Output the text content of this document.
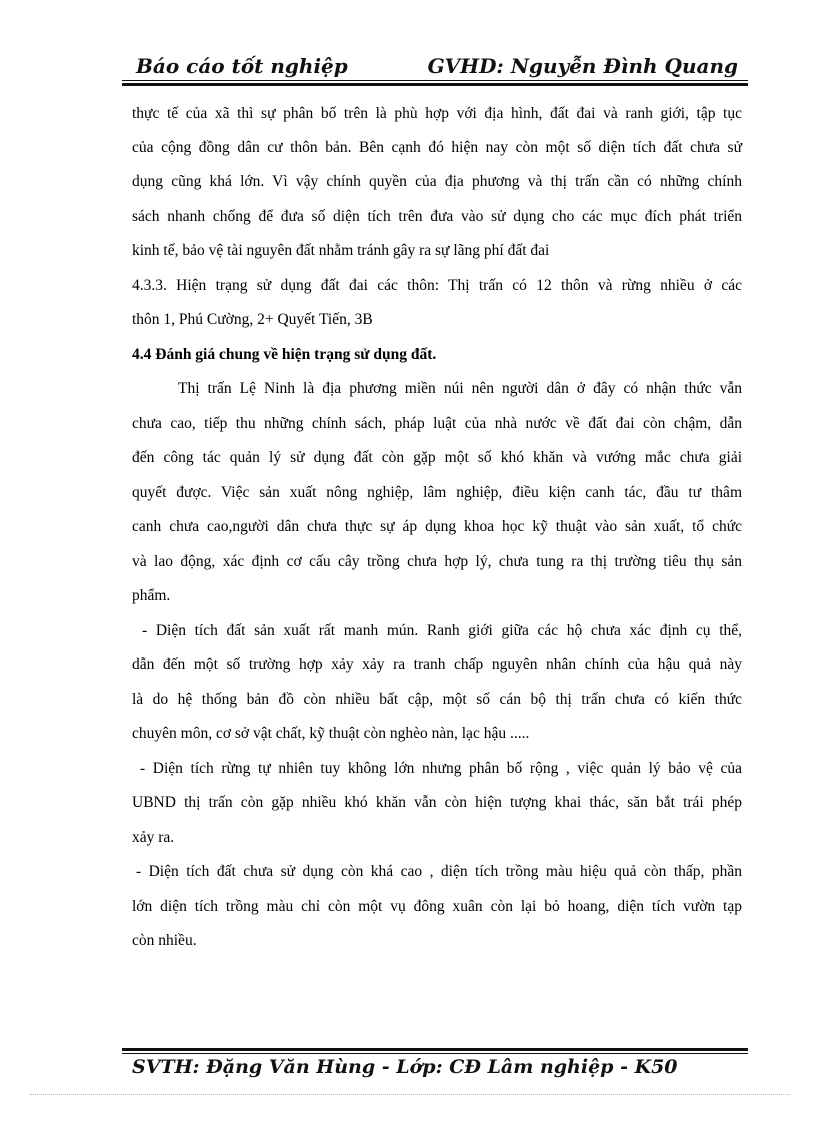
Báo cáo tốt nghiệp	GVHD: Nguyễn Đình Quang
thực tế của xã thì sự phân bố trên là phù hợp với địa hình, đất đai và ranh giới, tập tục
của cộng đồng dân cư thôn bản. Bên cạnh đó hiện nay còn một số diện tích đất chưa sử
dụng cũng khá lớn. Vì vậy chính quyền của địa phương và thị trấn cần có những chính
sách nhanh chống để đưa số diện tích trên đưa vào sử dụng cho các mục đích phát triển
kinh tế, bảo vệ tài nguyên đất nhằm tránh gây ra sự lãng phí đất đai
4.3.3. Hiện trạng sử dụng đất đai các thôn: Thị trấn có 12 thôn và rừng nhiều ở các
thôn 1, Phú Cường, 2+ Quyết Tiến, 3B
4.4 Đánh giá chung về hiện trạng sử dụng đất.
Thị trấn Lệ Ninh là địa phương miền núi nên người dân ở đây có nhận thức vẫn
chưa cao, tiếp thu những chính sách, pháp luật của nhà nước về đất đai còn chậm, dẫn
đến công tác quản lý sử dụng đất còn gặp một số khó khăn và vướng mắc chưa giải
quyết được. Việc sản xuất nông nghiệp, lâm nghiệp, điều kiện canh tác, đầu tư thâm
canh chưa cao,người dân chưa thực sự áp dụng khoa học kỹ thuật vào sản xuất, tổ chức
và lao động, xác định cơ cấu cây trồng chưa hợp lý, chưa tung ra thị trường tiêu thụ sản
phẩm.
- Diện tích đất sản xuất rất manh mún. Ranh giới giữa các hộ chưa xác định cụ thể,
dẫn đến một số trường hợp xảy xảy ra tranh chấp nguyên nhân chính của hậu quả này
là do hệ thống bản đồ còn nhiều bất cập, một số cán bộ thị trấn chưa có kiến thức
chuyên môn, cơ sở vật chất, kỹ thuật còn nghèo nàn, lạc hậu .....
- Diện tích rừng tự nhiên tuy không lớn nhưng phân bố rộng , việc quản lý bảo vệ của
UBND thị trấn còn gặp nhiều khó khăn vẫn còn hiện tượng khai thác, săn bắt trái phép
xảy ra.
- Diện tích đất chưa sử dụng còn khá cao , diện tích trồng màu hiệu quả còn thấp, phần
lớn diện tích trồng màu chỉ còn một vụ đông xuân còn lại bỏ hoang, diện tích vườn tạp
còn nhiều.
SVTH: Đặng Văn Hùng - Lớp: CĐ Lâm nghiệp - K50
